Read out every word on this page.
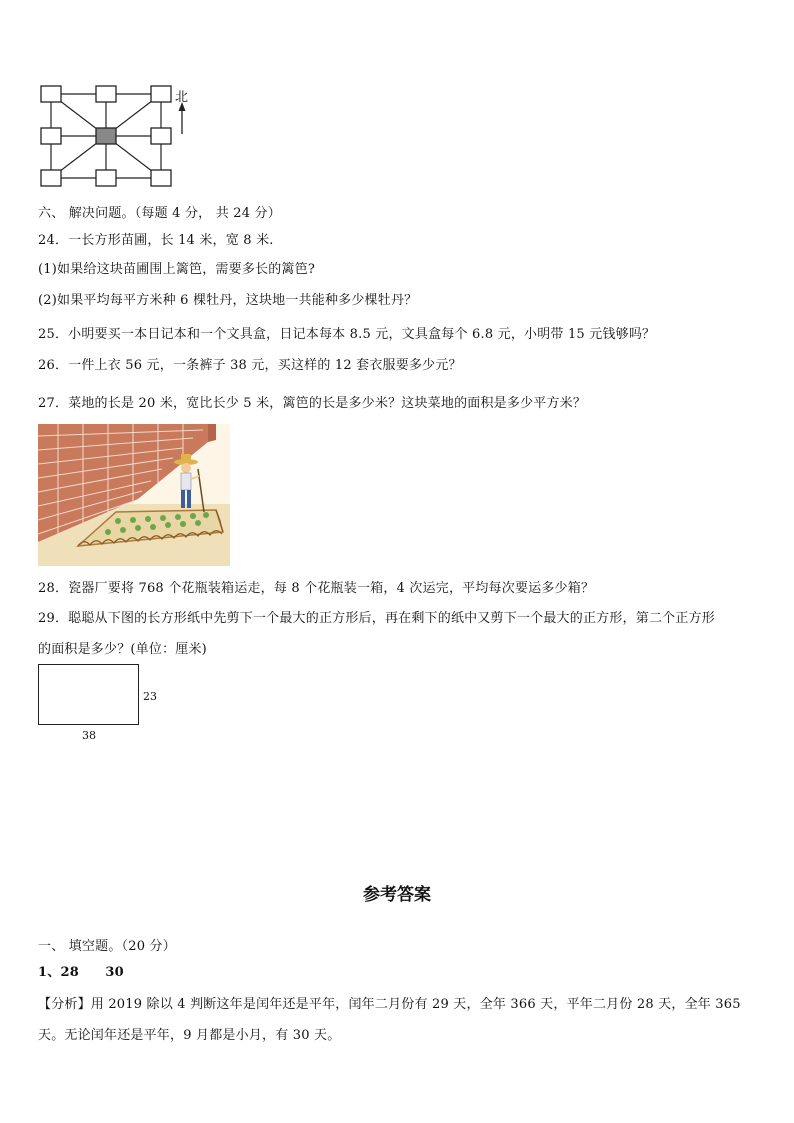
北
六、 解决问题。（每题 4 分， 共 24 分）
24．一长方形苗圃，长 14 米，宽 8 米.
(1)如果给这块苗圃围上篱笆，需要多长的篱笆?
(2)如果平均每平方米种 6 棵牡丹，这块地一共能种多少棵牡丹？
25．小明要买一本日记本和一个文具盒，日记本每本 8.5 元，文具盒每个 6.8 元，小明带 15 元钱够吗？
26．一件上衣 56 元，一条裤子 38 元，买这样的 12 套衣服要多少元？
27．菜地的长是 20 米，宽比长少 5 米，篱笆的长是多少米？这块菜地的面积是多少平方米？
28．瓷器厂要将 768 个花瓶装箱运走，每 8 个花瓶装一箱，4 次运完，平均每次要运多少箱？
29．聪聪从下图的长方形纸中先剪下一个最大的正方形后，再在剩下的纸中又剪下一个最大的正方形，第二个正方形
的面积是多少？(单位：厘米)
23
38
参考答案
一、 填空题。（20 分）
1、28　　30
【分析】用 2019 除以 4 判断这年是闰年还是平年，闰年二月份有 29 天，全年 366 天，平年二月份 28 天，全年 365
天。无论闰年还是平年，9 月都是小月，有 30 天。
